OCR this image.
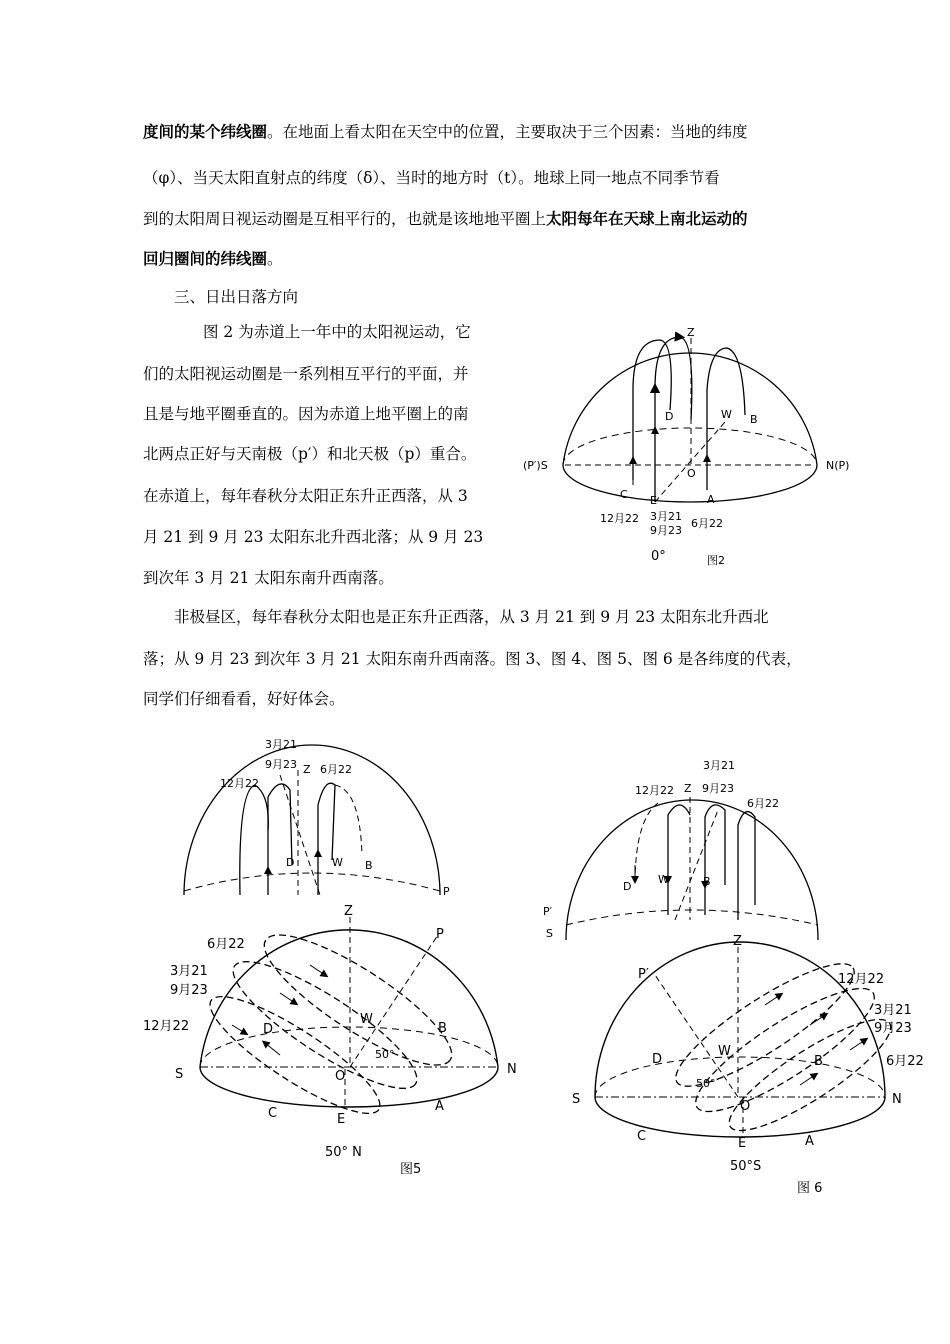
度间的某个纬线圈。在地面上看太阳在天空中的位置，主要取决于三个因素：当地的纬度
（φ）、当天太阳直射点的纬度（δ）、当时的地方时（t）。地球上同一地点不同季节看
到的太阳周日视运动圈是互相平行的，也就是该地地平圈上太阳每年在天球上南北运动的
回归圈间的纬线圈。
三、日出日落方向
图 2 为赤道上一年中的太阳视运动，它
们的太阳视运动圈是一系列相互平行的平面，并
且是与地平圈垂直的。因为赤道上地平圈上的南
北两点正好与天南极（p′）和北天极（p）重合。
在赤道上，每年春秋分太阳正东升正西落，从 3
月 21 到 9 月 23 太阳东北升西北落；从 9 月 23
到次年 3 月 21 太阳东南升西南落。
非极昼区，每年春秋分太阳也是正东升正西落，从 3 月 21 到 9 月 23 太阳东北升西北
落；从 9 月 23 到次年 3 月 21 太阳东南升西南落。图 3、图 4、图 5、图 6 是各纬度的代表，
同学们仔细看看，好好体会。
Z
(P′)S	N(P)
O
D	W B
C E	A
12月22 3月21
9月23
6月22
0°	图2
3月21
9月23
12月22
Z 6月22
D	W B
P
3月21
12月22 Z 9月23
6月22
D
W	B
P′
S
Z
P
6月22
3月21
9月23
12月22	D
W
B
50°
S	N
O
C	E
A
50° N
图5
Z
P′	12月22
3月21
9月23
6月22
D
W
B
50°
S	N
O
C	E	A
50°S
图 6
